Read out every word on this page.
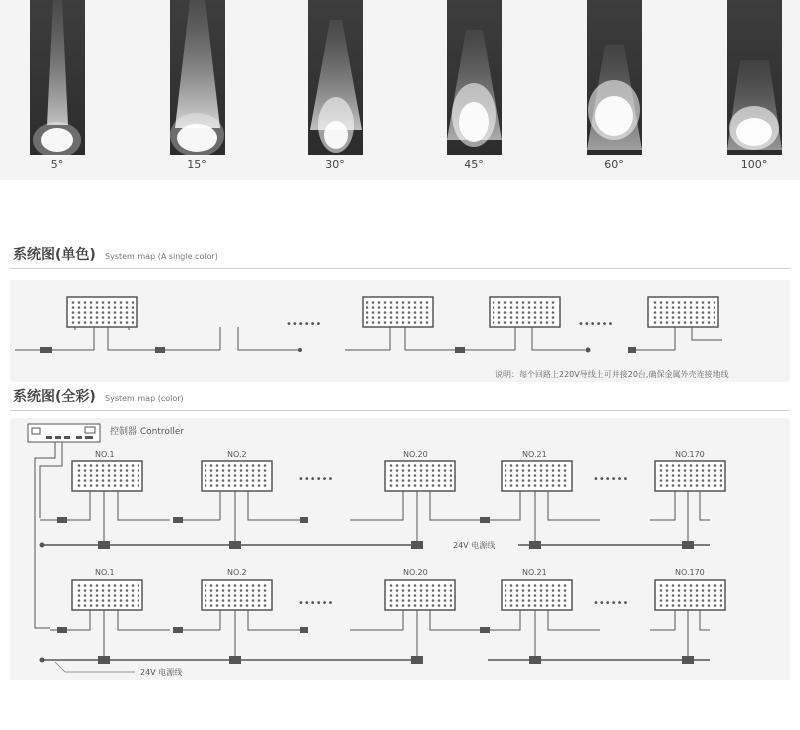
5°	15°	30°	45°	60°	100°
系统图(单色) System map (A single color)
••••••	••••••
说明：每个回路上220V导线上可并接20台,确保金属外壳连接地线
系统图(全彩) System map (color)
控制器 Controller
NO.1	NO.2	NO.20	NO.21	NO.170
••••••	••••••
24V 电源线
NO.1	NO.2	NO.20	NO.21	NO.170
••••••	••••••
24V 电源线
